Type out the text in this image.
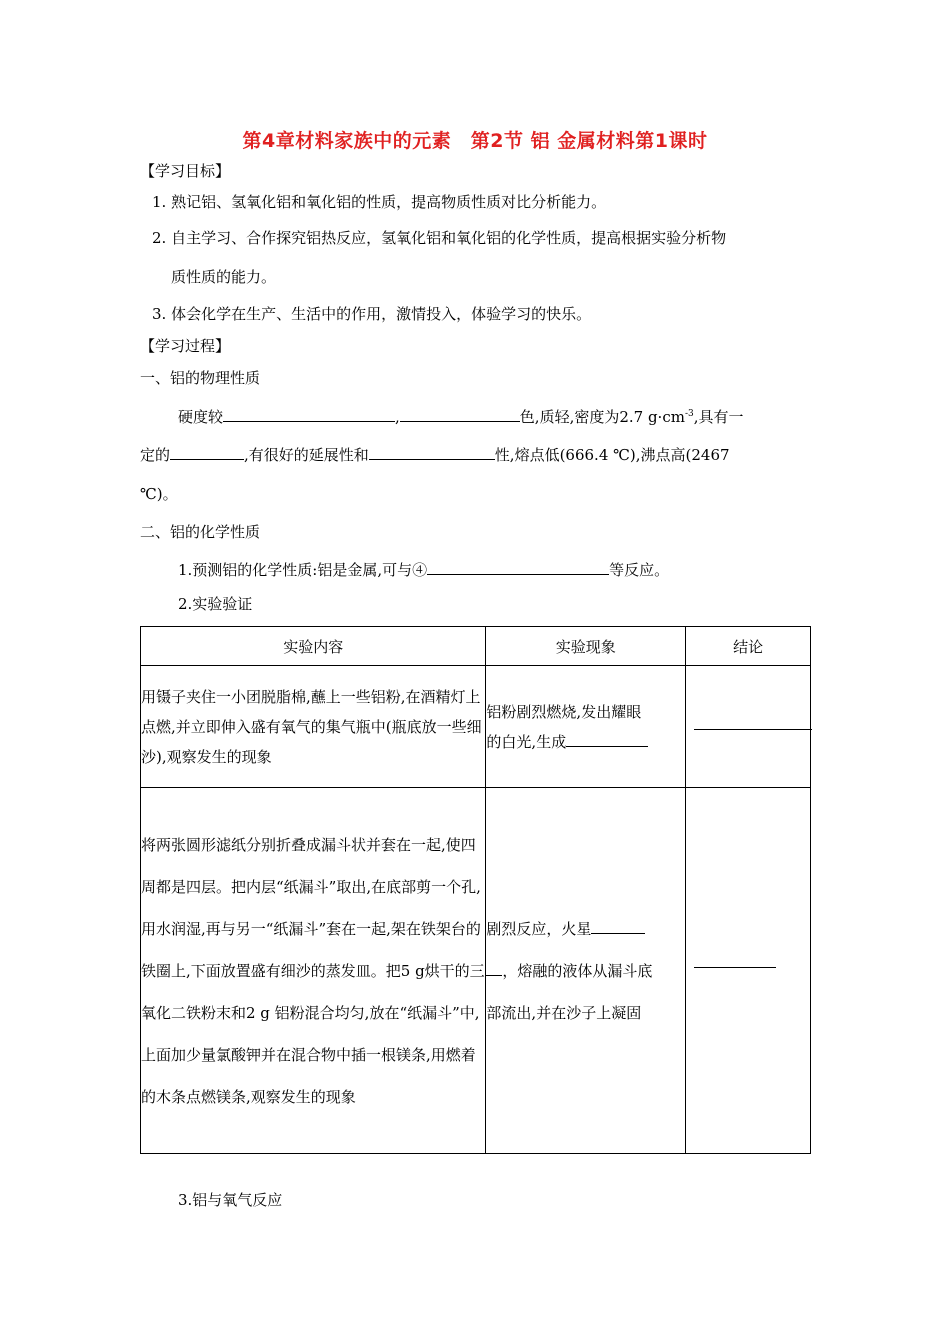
第4章材料家族中的元素　第2节 铝 金属材料第1课时
【学习目标】
1. 熟记铝、氢氧化铝和氧化铝的性质，提高物质性质对比分析能力。
2. 自主学习、合作探究铝热反应，氢氧化铝和氧化铝的化学性质，提高根据实验分析物
质性质的能力。
3. 体会化学在生产、生活中的作用，激情投入，体验学习的快乐。
【学习过程】
一、铝的物理性质
硬度较	,	色,质轻,密度为2.7 $g\cdot cm^{-3}$,具有一
定的	,有很好的延展性和	性,熔点低(666.4 ℃),沸点高(2467
℃)。
二、铝的化学性质
1.预测铝的化学性质:铝是金属,可与④	等反应。
2.实验验证
实验内容	实验现象	结论
用镊子夹住一小团脱脂棉,蘸上一些铝粉,在酒精灯上点燃,并立即伸入盛有氧气的集气瓶中(瓶底放一些细沙),观察发生的现象	铝粉剧烈燃烧,发出耀眼
的白光,生成	

将两张圆形滤纸分别折叠成漏斗状并套在一起,使四周都是四层。把内层“纸漏斗”取出,在底部剪一个孔,用水润湿,再与另一“纸漏斗”套在一起,架在铁架台的铁圈上,下面放置盛有细沙的蒸发皿。把5 g烘干的三氧化二铁粉末和2 g 铝粉混合均匀,放在“纸漏斗”中,上面加少量氯酸钾并在混合物中插一根镁条,用燃着的木条点燃镁条,观察发生的现象	剧烈反应，火星
，熔融的液体从漏斗底
部流出,并在沙子上凝固	

3.铝与氧气反应
